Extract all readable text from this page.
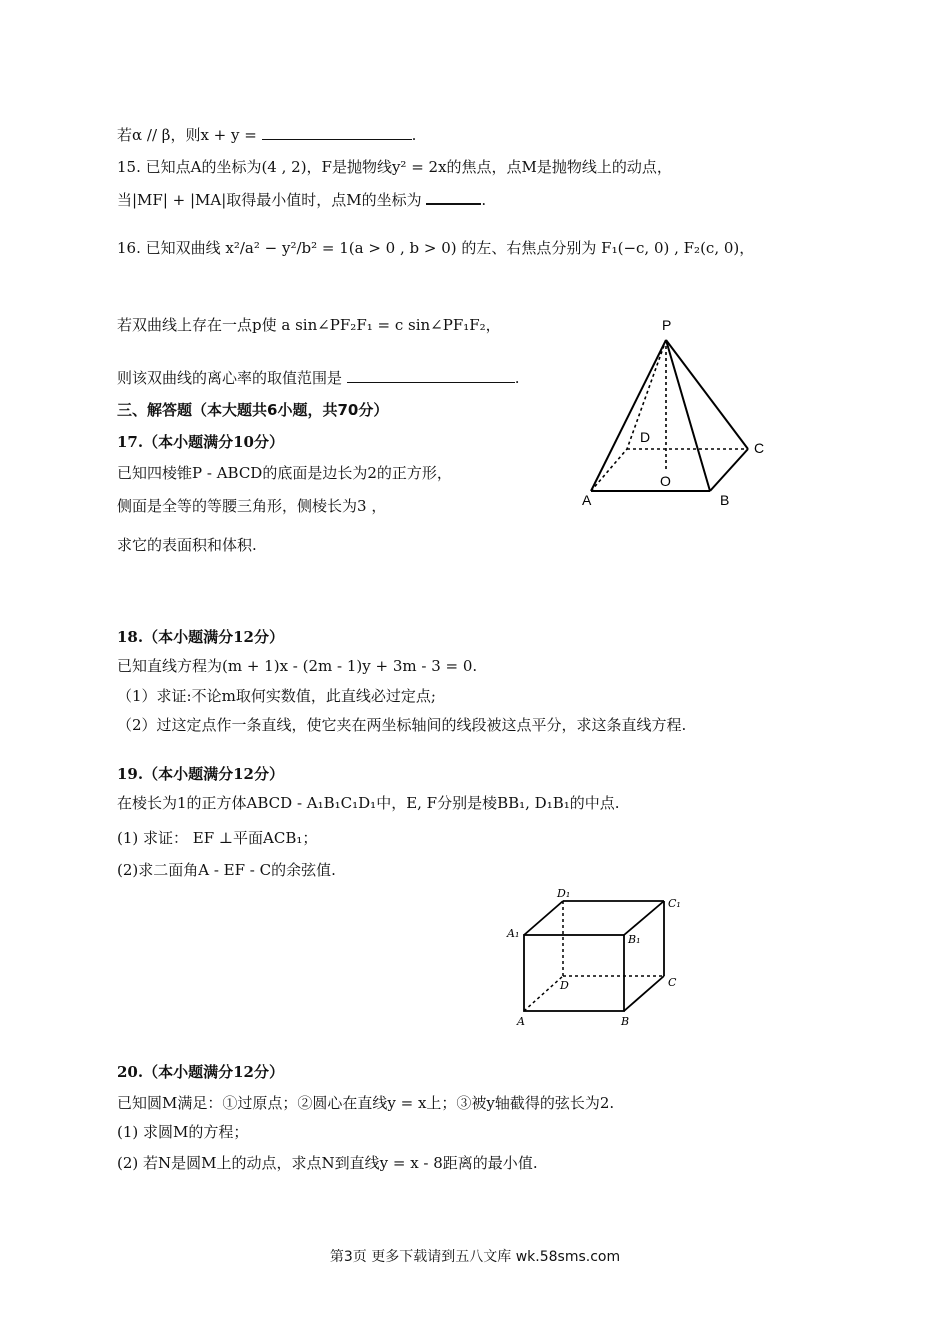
若α // β，则x + y =	.
15. 已知点A的坐标为(4 , 2)，F是抛物线y² = 2x的焦点，点M是抛物线上的动点，
当|MF| + |MA|取得最小值时，点M的坐标为	.
16. 已知双曲线 x²/a² − y²/b² = 1(a > 0 , b > 0) 的左、右焦点分别为 F₁(−c, 0) , F₂(c, 0)，
若双曲线上存在一点p使 a sin∠PF₂F₁ = c sin∠PF₁F₂，
则该双曲线的离心率的取值范围是	.
三、解答题（本大题共6小题，共70分）
17.（本小题满分10分）
已知四棱锥P - ABCD的底面是边长为2的正方形，
侧面是全等的等腰三角形，侧棱长为3 ，
求它的表面积和体积.
18.（本小题满分12分）
已知直线方程为(m + 1)x - (2m - 1)y + 3m - 3 = 0.
（1）求证:不论m取何实数值，此直线必过定点;
（2）过这定点作一条直线，使它夹在两坐标轴间的线段被这点平分，求这条直线方程.
19.（本小题满分12分）
在棱长为1的正方体ABCD - A₁B₁C₁D₁中，E, F分别是棱BB₁, D₁B₁的中点.
(1) 求证： EF ⊥平面ACB₁；
(2)求二面角A - EF - C的余弦值.
20.（本小题满分12分）
已知圆M满足：①过原点；②圆心在直线y = x上；③被y轴截得的弦长为2.
(1) 求圆M的方程；
(2) 若N是圆M上的动点，求点N到直线y = x - 8距离的最小值.
P
D
C
O
A	B
D₁
C₁
A₁	B₁
D	C
A	B
第3页 更多下载请到五八文库 wk.58sms.com
